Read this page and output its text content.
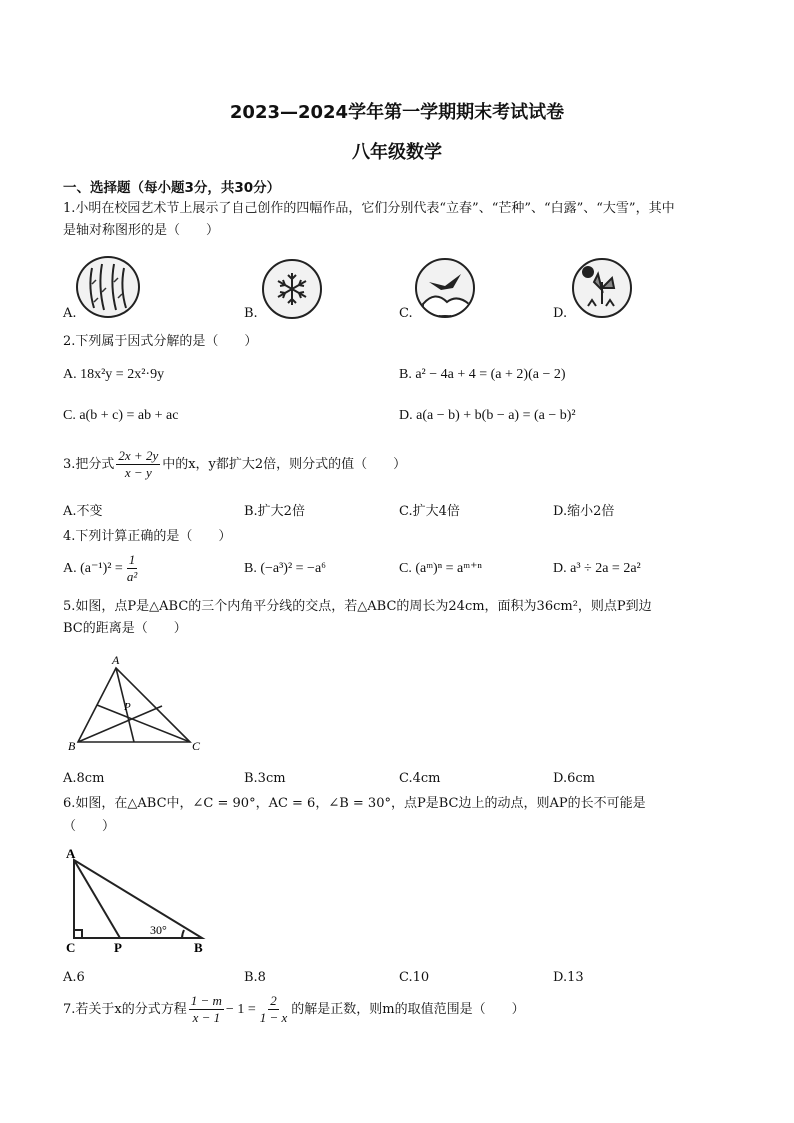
2023—2024学年第一学期期末考试试卷
八年级数学
一、选择题（每小题3分，共30分）
1.小明在校园艺术节上展示了自己创作的四幅作品，它们分别代表“立春”、“芒种”、“白露”、“大雪”，其中
是轴对称图形的是（　　）
A.	B.	C.	D.
2.下列属于因式分解的是（　　）
A. 18x²y = 2x²·9y	B. a² − 4a + 4 = (a + 2)(a − 2)
C. a(b + c) = ab + ac	D. a(a − b) + b(b − a) = (a − b)²
3.把分式 $\frac{2x + 2y}{x - y}$ 中的x，y都扩大2倍，则分式的值（　　）
A.不变	B.扩大2倍	C.扩大4倍	D.缩小2倍
4.下列计算正确的是（　　）
A. $(a^{-1})^2 = \frac{1}{\text{a²}}$	B. (−a³)² = −a⁶	C. (aᵐ)ⁿ = aᵐ⁺ⁿ	D. a³ ÷ 2a = 2a²
5.如图，点P是△ABC的三个内角平分线的交点，若△ABC的周长为24cm，面积为36cm²，则点P到边
BC的距离是（　　）
A
B	C
P
A.8cm	B.3cm	C.4cm	D.6cm
6.如图，在△ABC中，∠C = 90°，AC = 6，∠B = 30°，点P是BC边上的动点，则AP的长不可能是
（　　）
A
C	P	B
30°
A.6	B.8	C.10	D.13
7.若关于x的分式方程 $\frac{1 - m}{x - 1} - 1 = \frac{2}{1 - x}$ 的解是正数，则m的取值范围是（　　）
